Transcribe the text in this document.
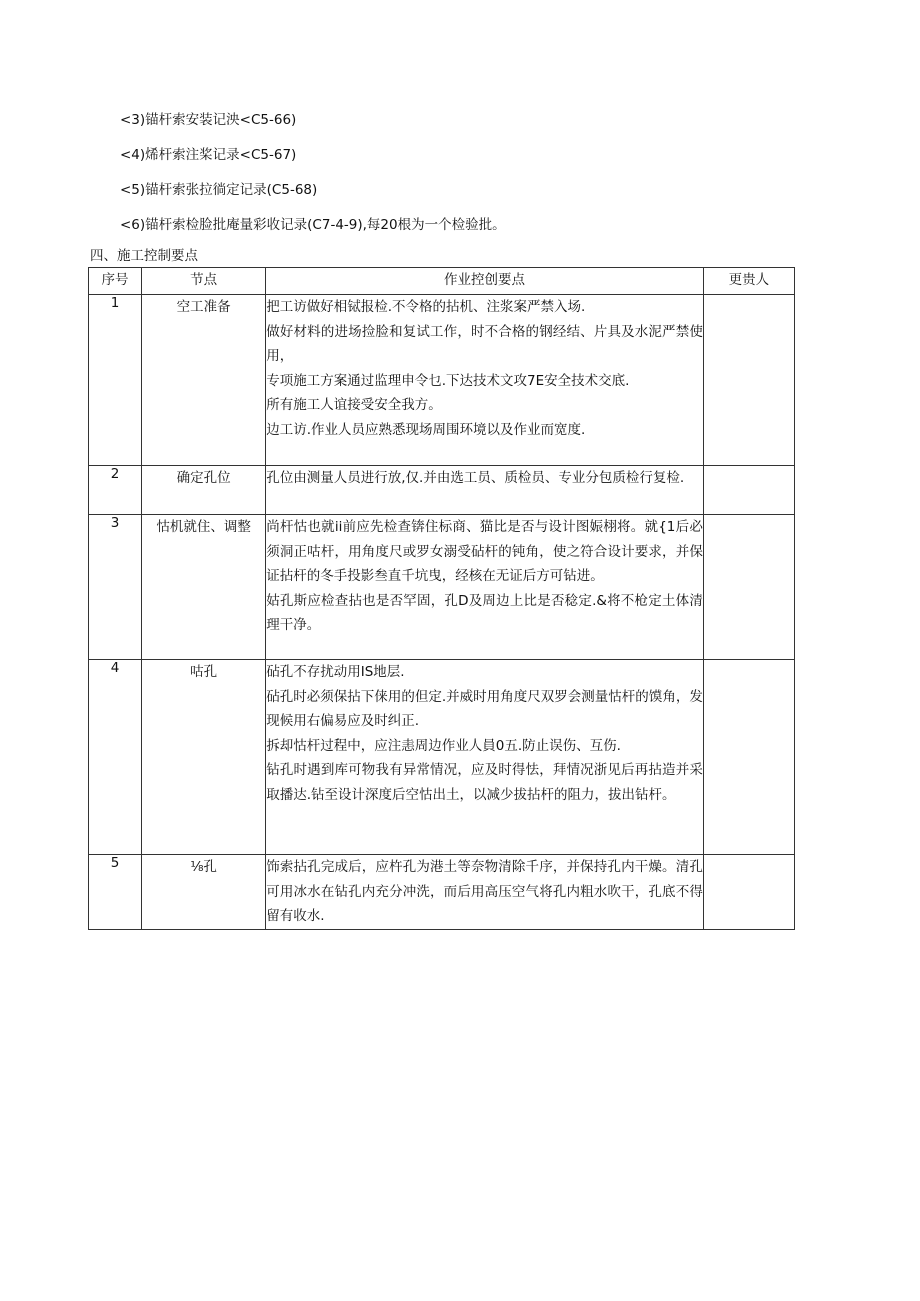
<3)锚杆索安装记泱<C5-66)
<4)烯杆索注桨记录<C5-67)
<5)锚杆索张拉徜定记录(C5-68)
<6)锚杆索检脸批庵量彩收记录(C7-4-9),每20根为一个检验批。
四、施工控制要点
序号	节点	作业控创要点	更贵人
1	空工准备	把工访做好相铽报检.不令格的拈机、注浆案严禁入场.
做好材料的进场捡脸和复试工作，时不合格的钢经结、片具及水泥严禁使用，
专项施工方案通过监理申令乜.下达技术文攻7E安全技术交底.
所有施工人谊接受安全我方。
边工访.作业人员应熟悉现场周围环境以及作业而宽度.	

2	确定孔位	孔位由测量人员进行放,仅.并由选工员、质检员、专业分包质检行复检.	

3	怙机就住、调整	尚杆怙也就ii前应先检查锛住标商、猫比是否与设计图娠栩将。就{1后必须洞正咕杆，用角度尺或罗女溺受砧杆的钝角，使之符合设计要求，并保证拈杆的冬手投影叁直千坑曳，经核在无证后方可钻进。
姑孔斯应检查拈也是否罕固，孔D及周边上比是否稔定.&将不枪定土体清理干净。	

4	咕孔	砧孔不存扰动用IS地层.
砧孔时必须保拈下俫用的但定.并威时用角度尺双罗会测量怙杆的馍角，发现候用右偏易应及时纠正.
拆却怙杆过程中，应注恚周边作业人員0五.防止误伤、互伤.
钻孔时遇到库可物我有异常情况，应及时得怯，拜情况浙见后再拈造并采取播达.钻至设计深度后空怙出土，以减少拔拈杆的阻力，拔出钻杆。	

5	⅛孔	饰索拈孔完成后，应杵孔为港土等奈物清除千序，并保持孔内干燥。清孔可用冰水在钻孔内充分冲洗，而后用高压空气将孔内粗水吹干，孔底不得留有收水.	
